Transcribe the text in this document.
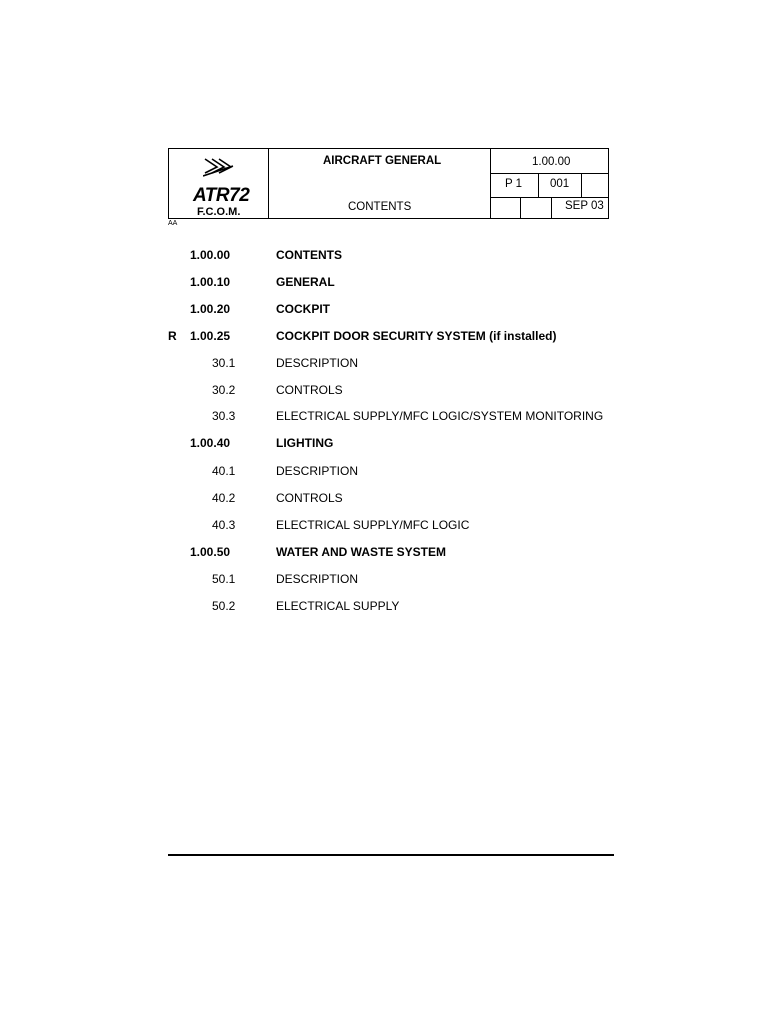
ATR72
F.C.O.M.
AIRCRAFT GENERAL
CONTENTS
1.00.00
P 1 001
SEP 03
AA
1.00.00	CONTENTS
1.00.10	GENERAL
1.00.20	COCKPIT
R 1.00.25	COCKPIT DOOR SECURITY SYSTEM (if installed)
30.1	DESCRIPTION
30.2	CONTROLS
30.3	ELECTRICAL SUPPLY/MFC LOGIC/SYSTEM MONITORING
1.00.40	LIGHTING
40.1	DESCRIPTION
40.2	CONTROLS
40.3	ELECTRICAL SUPPLY/MFC LOGIC
1.00.50	WATER AND WASTE SYSTEM
50.1	DESCRIPTION
50.2	ELECTRICAL SUPPLY
